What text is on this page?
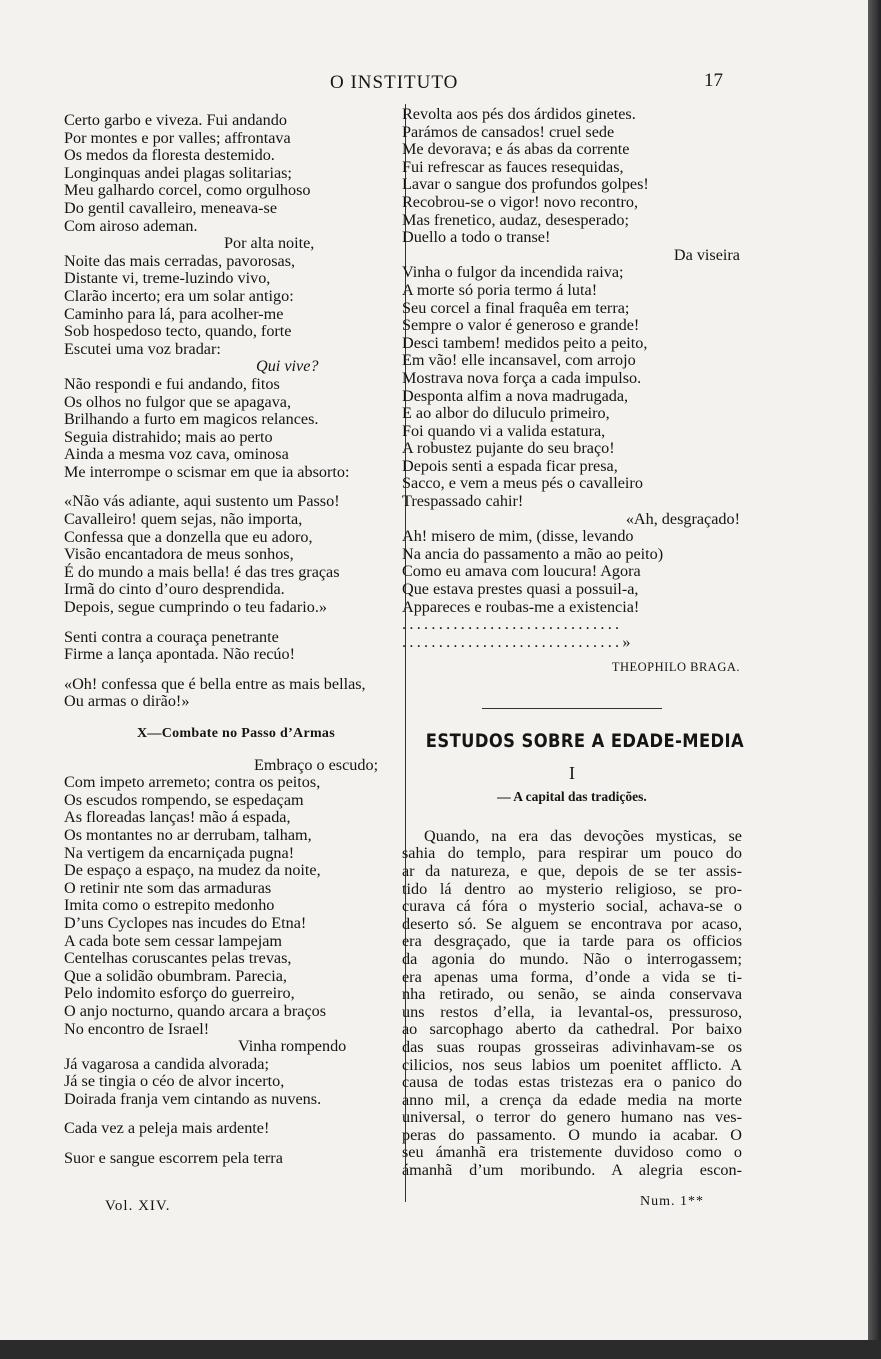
O INSTITUTO	17
Certo garbo e viveza. Fui andando
Por montes e por valles; affrontava
Os medos da floresta destemido.
Longinquas andei plagas solitarias;
Meu galhardo corcel, como orgulhoso
Do gentil cavalleiro, meneava-se
Com airoso ademan.
Por alta noite,
Noite das mais cerradas, pavorosas,
Distante vi, treme-luzindo vivo,
Clarão incerto; era um solar antigo:
Caminho para lá, para acolher-me
Sob hospedoso tecto, quando, forte
Escutei uma voz bradar:
Qui vive?
Não respondi e fui andando, fitos
Os olhos no fulgor que se apagava,
Brilhando a furto em magicos relances.
Seguia distrahido; mais ao perto
Ainda a mesma voz cava, ominosa
Me interrompe o scismar em que ia absorto:
«Não vás adiante, aqui sustento um Passo!
Cavalleiro! quem sejas, não importa,
Confessa que a donzella que eu adoro,
Visão encantadora de meus sonhos,
É do mundo a mais bella! é das tres graças
Irmã do cinto d’ouro desprendida.
Depois, segue cumprindo o teu fadario.»
Senti contra a couraça penetrante
Firme a lança apontada. Não recúo!
«Oh! confessa que é bella entre as mais bellas,
Ou armas o dirão!»
X—Combate no Passo d’Armas
Embraço o escudo;
Com impeto arremeto; contra os peitos,
Os escudos rompendo, se espedaçam
As floreadas lanças! mão á espada,
Os montantes no ar derrubam, talham,
Na vertigem da encarniçada pugna!
De espaço a espaço, na mudez da noite,
O retinir nte som das armaduras
Imita como o estrepito medonho
D’uns Cyclopes nas incudes do Etna!
A cada bote sem cessar lampejam
Centelhas coruscantes pelas trevas,
Que a solidão obumbram. Parecia,
Pelo indomito esforço do guerreiro,
O anjo nocturno, quando arcara a braços
No encontro de Israel!
Vinha rompendo
Já vagarosa a candida alvorada;
Já se tingia o céo de alvor incerto,
Doirada franja vem cintando as nuvens.
Cada vez a peleja mais ardente!
Suor e sangue escorrem pela terra
Revolta aos pés dos árdidos ginetes.
Parámos de cansados! cruel sede
Me devorava; e ás abas da corrente
Fui refrescar as fauces resequidas,
Lavar o sangue dos profundos golpes!
Recobrou-se o vigor! novo recontro,
Mas frenetico, audaz, desesperado;
Duello a todo o transe!
Da viseira
Vinha o fulgor da incendida raiva;
A morte só poria termo á luta!
Seu corcel a final fraquêa em terra;
Sempre o valor é generoso e grande!
Desci tambem! medidos peito a peito,
Em vão! elle incansavel, com arrojo
Mostrava nova força a cada impulso.
Desponta alfim a nova madrugada,
E ao albor do diluculo primeiro,
Foi quando vi a valida estatura,
A robustez pujante do seu braço!
Depois senti a espada ficar presa,
Sacco, e vem a meus pés o cavalleiro
Trespassado cahir!
«Ah, desgraçado!
Ah! misero de mim, (disse, levando
Na ancia do passamento a mão ao peito)
Como eu amava com loucura! Agora
Que estava prestes quasi a possuil-a,
Appareces e roubas-me a existencia!
..............................
..............................»
THEOPHILO BRAGA.
ESTUDOS SOBRE A EDADE-MEDIA
I
— A capital das tradições.
Quando, na era das devoções mysticas, se
sahia do templo, para respirar um pouco do
ar da natureza, e que, depois de se ter assis-
tido lá dentro ao mysterio religioso, se pro-
curava cá fóra o mysterio social, achava-se o
deserto só. Se alguem se encontrava por acaso,
era desgraçado, que ia tarde para os officios
da agonia do mundo. Não o interrogassem;
era apenas uma forma, d’onde a vida se ti-
nha retirado, ou senão, se ainda conservava
uns restos d’ella, ia levantal-os, pressuroso,
ao sarcophago aberto da cathedral. Por baixo
das suas roupas grosseiras adivinhavam-se os
cilicios, nos seus labios um poenitet afflicto. A
causa de todas estas tristezas era o panico do
anno mil, a crença da edade media na morte
universal, o terror do genero humano nas ves-
peras do passamento. O mundo ia acabar. O
seu ámanhã era tristemente duvidoso como o
ámanhã d’um moribundo. A alegria escon-
Vol. XIV.	Num. 1**
